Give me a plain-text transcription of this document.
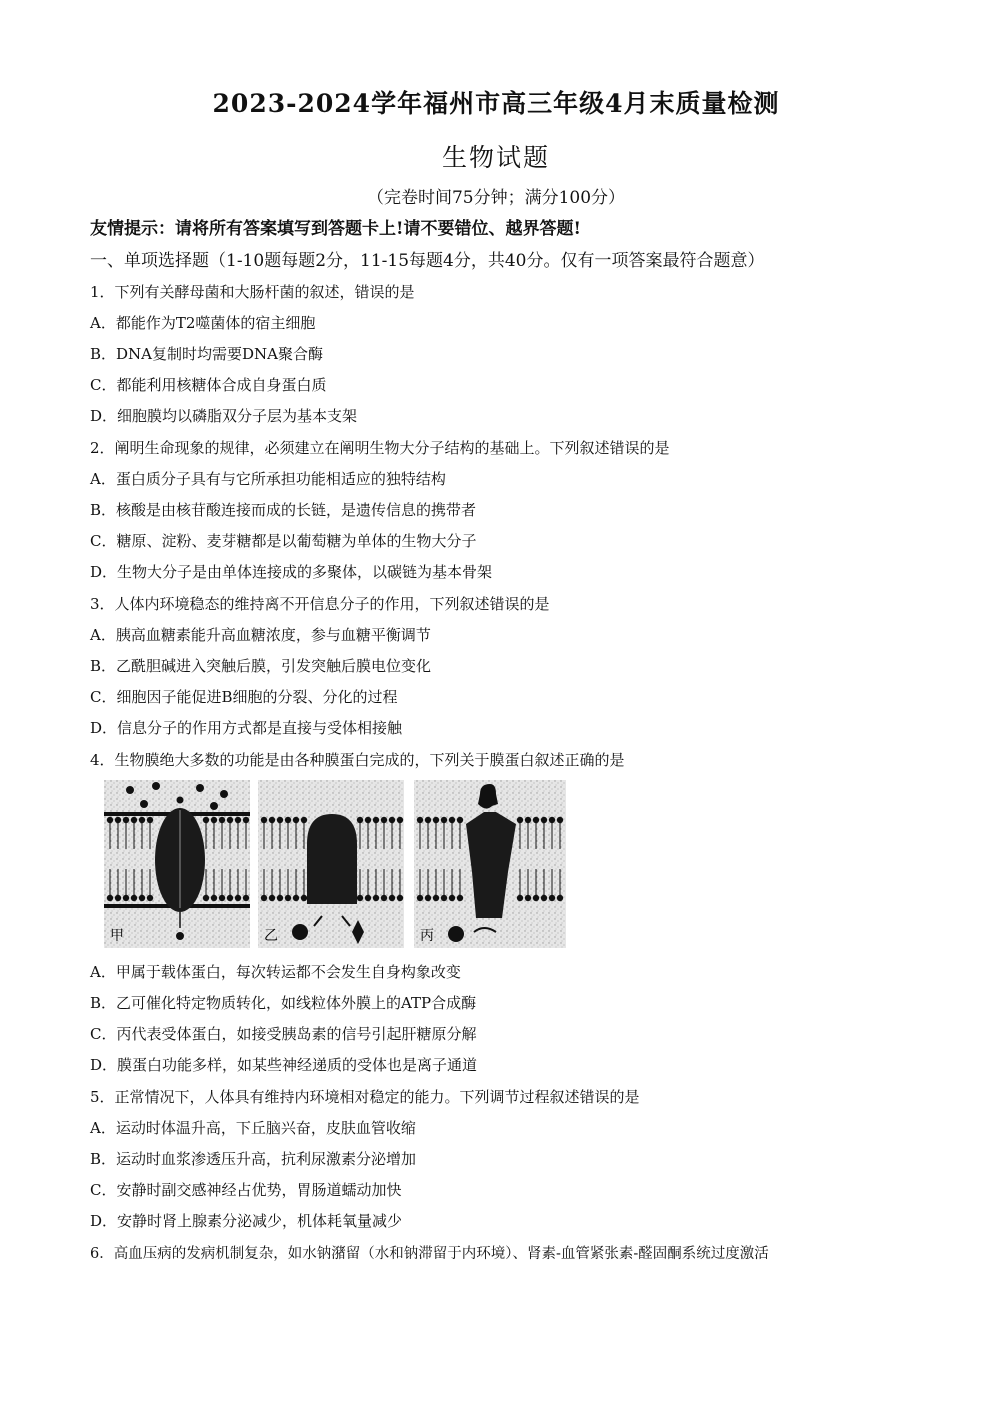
2023-2024学年福州市高三年级4月末质量检测
生物试题
（完卷时间75分钟；满分100分）
友情提示：请将所有答案填写到答题卡上!请不要错位、越界答题!
一、单项选择题（1-10题每题2分，11-15每题4分，共40分。仅有一项答案最符合题意）
1．下列有关酵母菌和大肠杆菌的叙述，错误的是
A．都能作为T2噬菌体的宿主细胞
B．DNA复制时均需要DNA聚合酶
C．都能利用核糖体合成自身蛋白质
D．细胞膜均以磷脂双分子层为基本支架
2．阐明生命现象的规律，必须建立在阐明生物大分子结构的基础上。下列叙述错误的是
A．蛋白质分子具有与它所承担功能相适应的独特结构
B．核酸是由核苷酸连接而成的长链，是遗传信息的携带者
C．糖原、淀粉、麦芽糖都是以葡萄糖为单体的生物大分子
D．生物大分子是由单体连接成的多聚体，以碳链为基本骨架
3．人体内环境稳态的维持离不开信息分子的作用，下列叙述错误的是
A．胰高血糖素能升高血糖浓度，参与血糖平衡调节
B．乙酰胆碱进入突触后膜，引发突触后膜电位变化
C．细胞因子能促进B细胞的分裂、分化的过程
D．信息分子的作用方式都是直接与受体相接触
4．生物膜绝大多数的功能是由各种膜蛋白完成的，下列关于膜蛋白叙述正确的是
甲	乙	丙
A．甲属于载体蛋白，每次转运都不会发生自身构象改变
B．乙可催化特定物质转化，如线粒体外膜上的ATP合成酶
C．丙代表受体蛋白，如接受胰岛素的信号引起肝糖原分解
D．膜蛋白功能多样，如某些神经递质的受体也是离子通道
5．正常情况下，人体具有维持内环境相对稳定的能力。下列调节过程叙述错误的是
A．运动时体温升高，下丘脑兴奋，皮肤血管收缩
B．运动时血浆渗透压升高，抗利尿激素分泌增加
C．安静时副交感神经占优势，胃肠道蠕动加快
D．安静时肾上腺素分泌减少，机体耗氧量减少
6．高血压病的发病机制复杂，如水钠潴留（水和钠滞留于内环境）、肾素-血管紧张素-醛固酮系统过度激活
